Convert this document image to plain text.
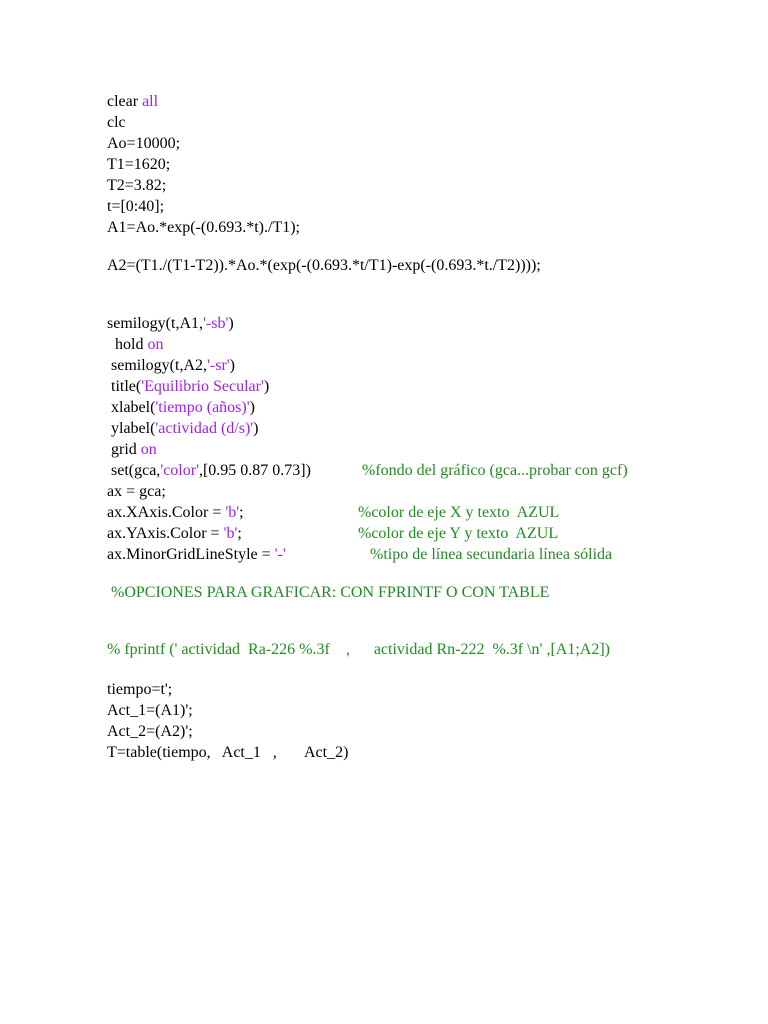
clear all
clc
Ao=10000;
T1=1620;
T2=3.82;
t=[0:40];
A1=Ao.*exp(-(0.693.*t)./T1);
A2=(T1./(T1-T2)).*Ao.*(exp(-(0.693.*t/T1)-exp(-(0.693.*t./T2))));
semilogy(t,A1,'-sb')
hold on
semilogy(t,A2,'-sr')
title('Equilibrio Secular')
xlabel('tiempo (años)')
ylabel('actividad (d/s)')
grid on
set(gca,'color',[0.95 0.87 0.73])	%fondo del gráfico (gca...probar con gcf)
ax = gca;
ax.XAxis.Color = 'b';	%color de eje X y texto  AZUL
ax.YAxis.Color = 'b';	%color de eje Y y texto  AZUL
ax.MinorGridLineStyle = '-'	%tipo de línea secundaria línea sólida
%OPCIONES PARA GRAFICAR: CON FPRINTF O CON TABLE
% fprintf (' actividad  Ra-226 %.3f    ,      actividad Rn-222  %.3f \n' ,[A1;A2])
tiempo=t';
Act_1=(A1)';
Act_2=(A2)';
T=table(tiempo,   Act_1   ,       Act_2)
